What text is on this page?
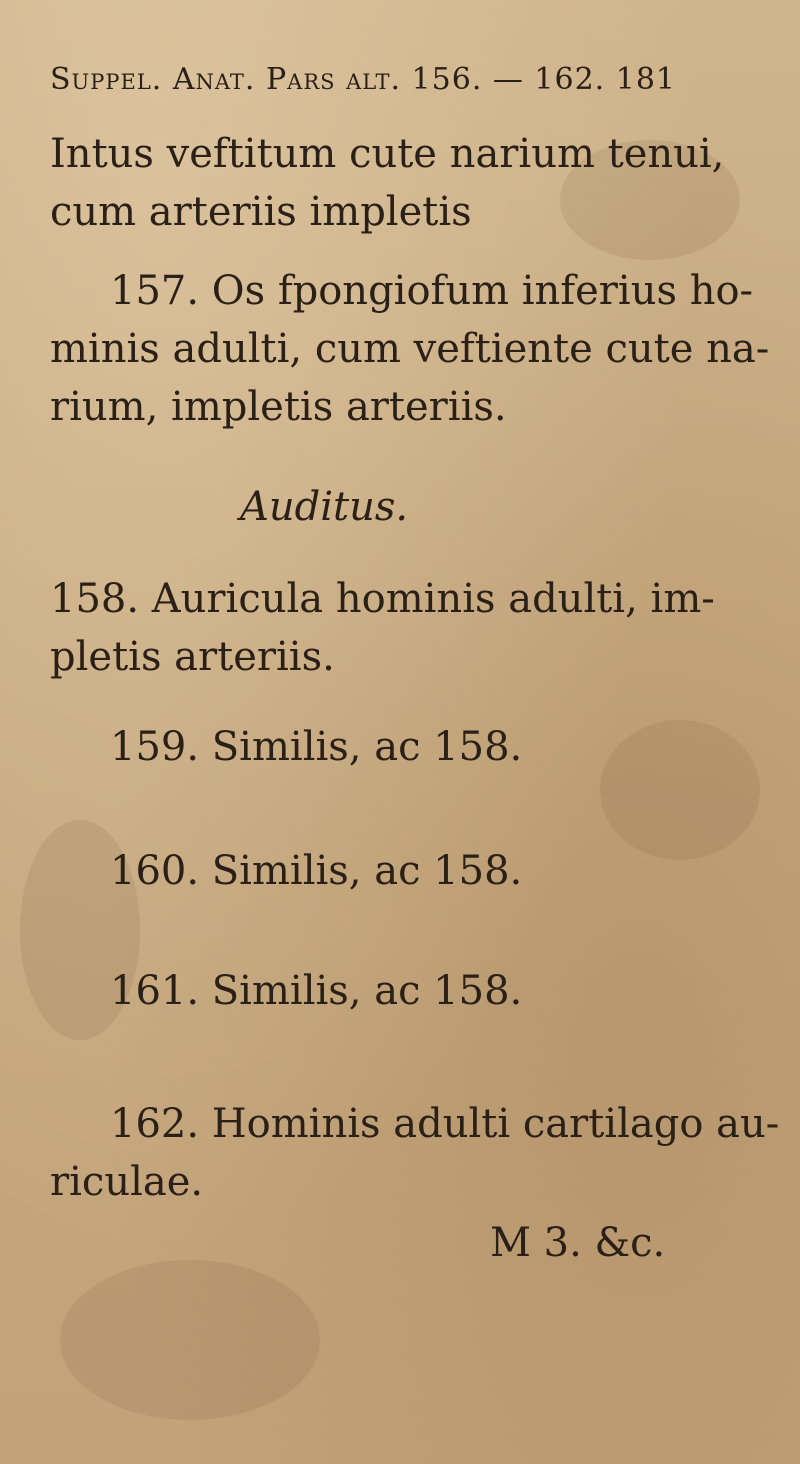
Suppel. Anat. Pars alt. 156. — 162. 181
Intus veftitum cute narium tenui,
cum arteriis impletis
157. Os fpongiofum inferius ho-
minis adulti, cum veftiente cute na-
rium, impletis arteriis.
Auditus.
158. Auricula hominis adulti, im-
pletis arteriis.
159. Similis, ac 158.
160. Similis, ac 158.
161. Similis, ac 158.
162. Hominis adulti cartilago au-
riculae.
M 3. &c.
